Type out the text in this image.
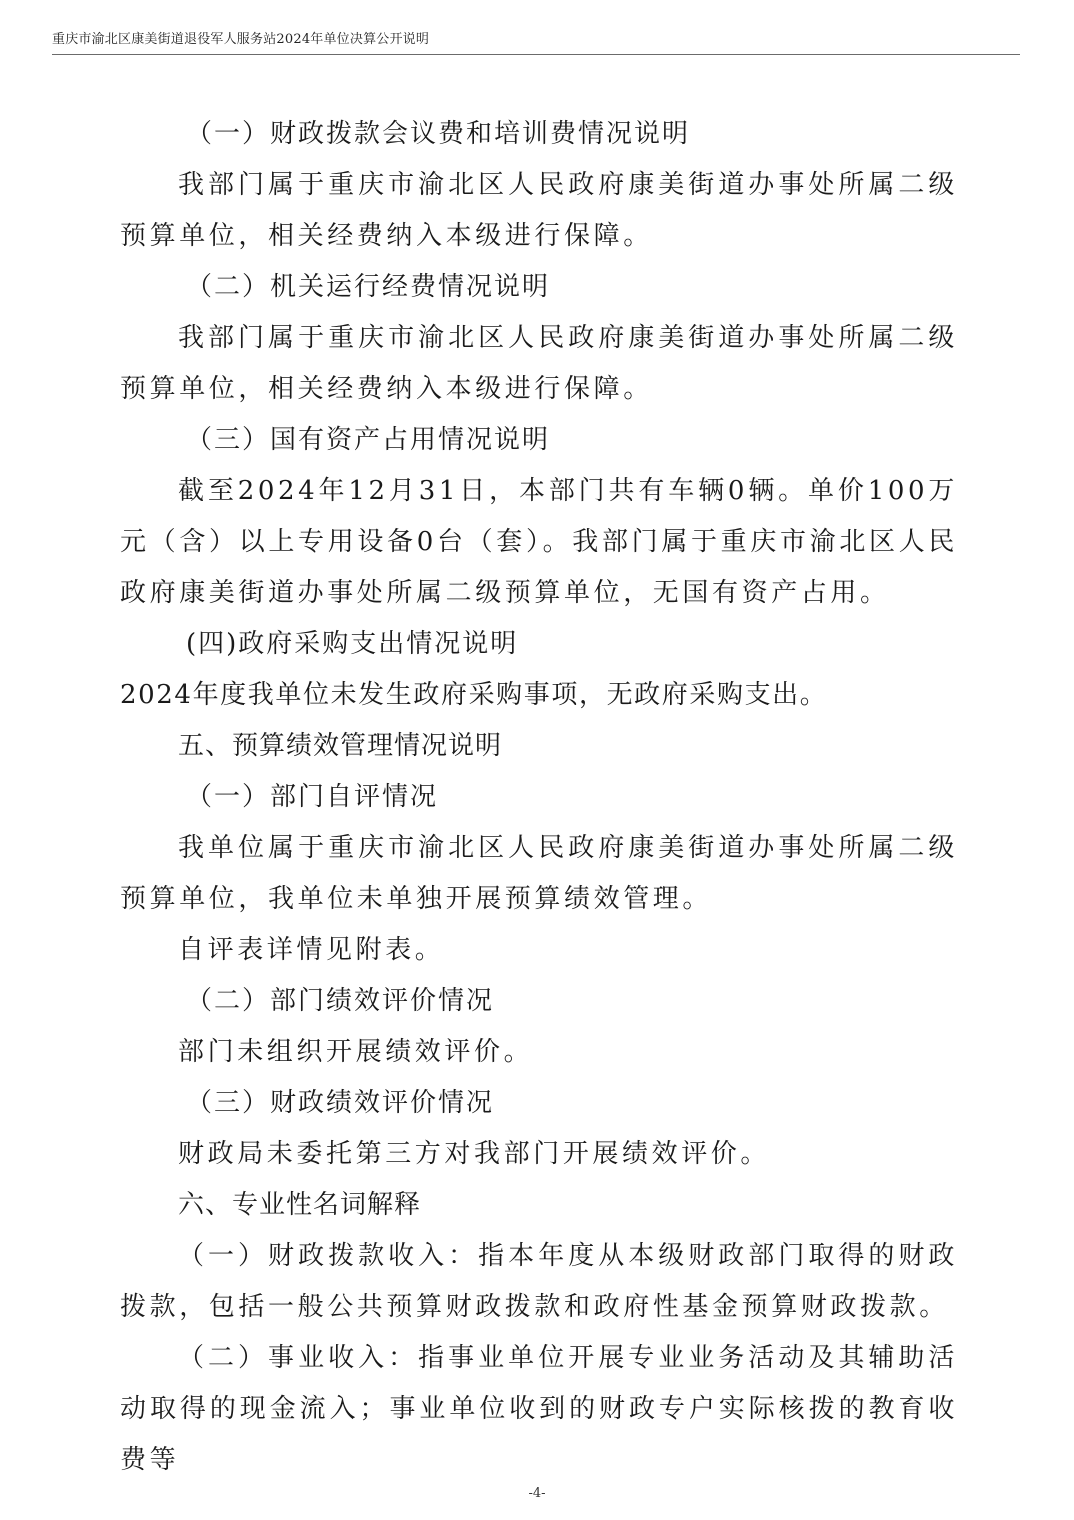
重庆市渝北区康美街道退役军人服务站2024年单位决算公开说明

（一）财政拨款会议费和培训费情况说明

我部门属于重庆市渝北区人民政府康美街道办事处所属二级预算单位，相关经费纳入本级进行保障。

（二）机关运行经费情况说明

我部门属于重庆市渝北区人民政府康美街道办事处所属二级预算单位，相关经费纳入本级进行保障。

（三）国有资产占用情况说明

截至2024年12月31日，本部门共有车辆0辆。单价100万元（含）以上专用设备0台（套）。我部门属于重庆市渝北区人民政府康美街道办事处所属二级预算单位，无国有资产占用。

(四)政府采购支出情况说明

2024年度我单位未发生政府采购事项，无政府采购支出。

五、预算绩效管理情况说明

（一）部门自评情况

我单位属于重庆市渝北区人民政府康美街道办事处所属二级预算单位，我单位未单独开展预算绩效管理。

自评表详情见附表。

（二）部门绩效评价情况

部门未组织开展绩效评价。

（三）财政绩效评价情况

财政局未委托第三方对我部门开展绩效评价。

六、专业性名词解释

（一）财政拨款收入：指本年度从本级财政部门取得的财政拨款，包括一般公共预算财政拨款和政府性基金预算财政拨款。

（二）事业收入：指事业单位开展专业业务活动及其辅助活动取得的现金流入；事业单位收到的财政专户实际核拨的教育收费等

-4-
